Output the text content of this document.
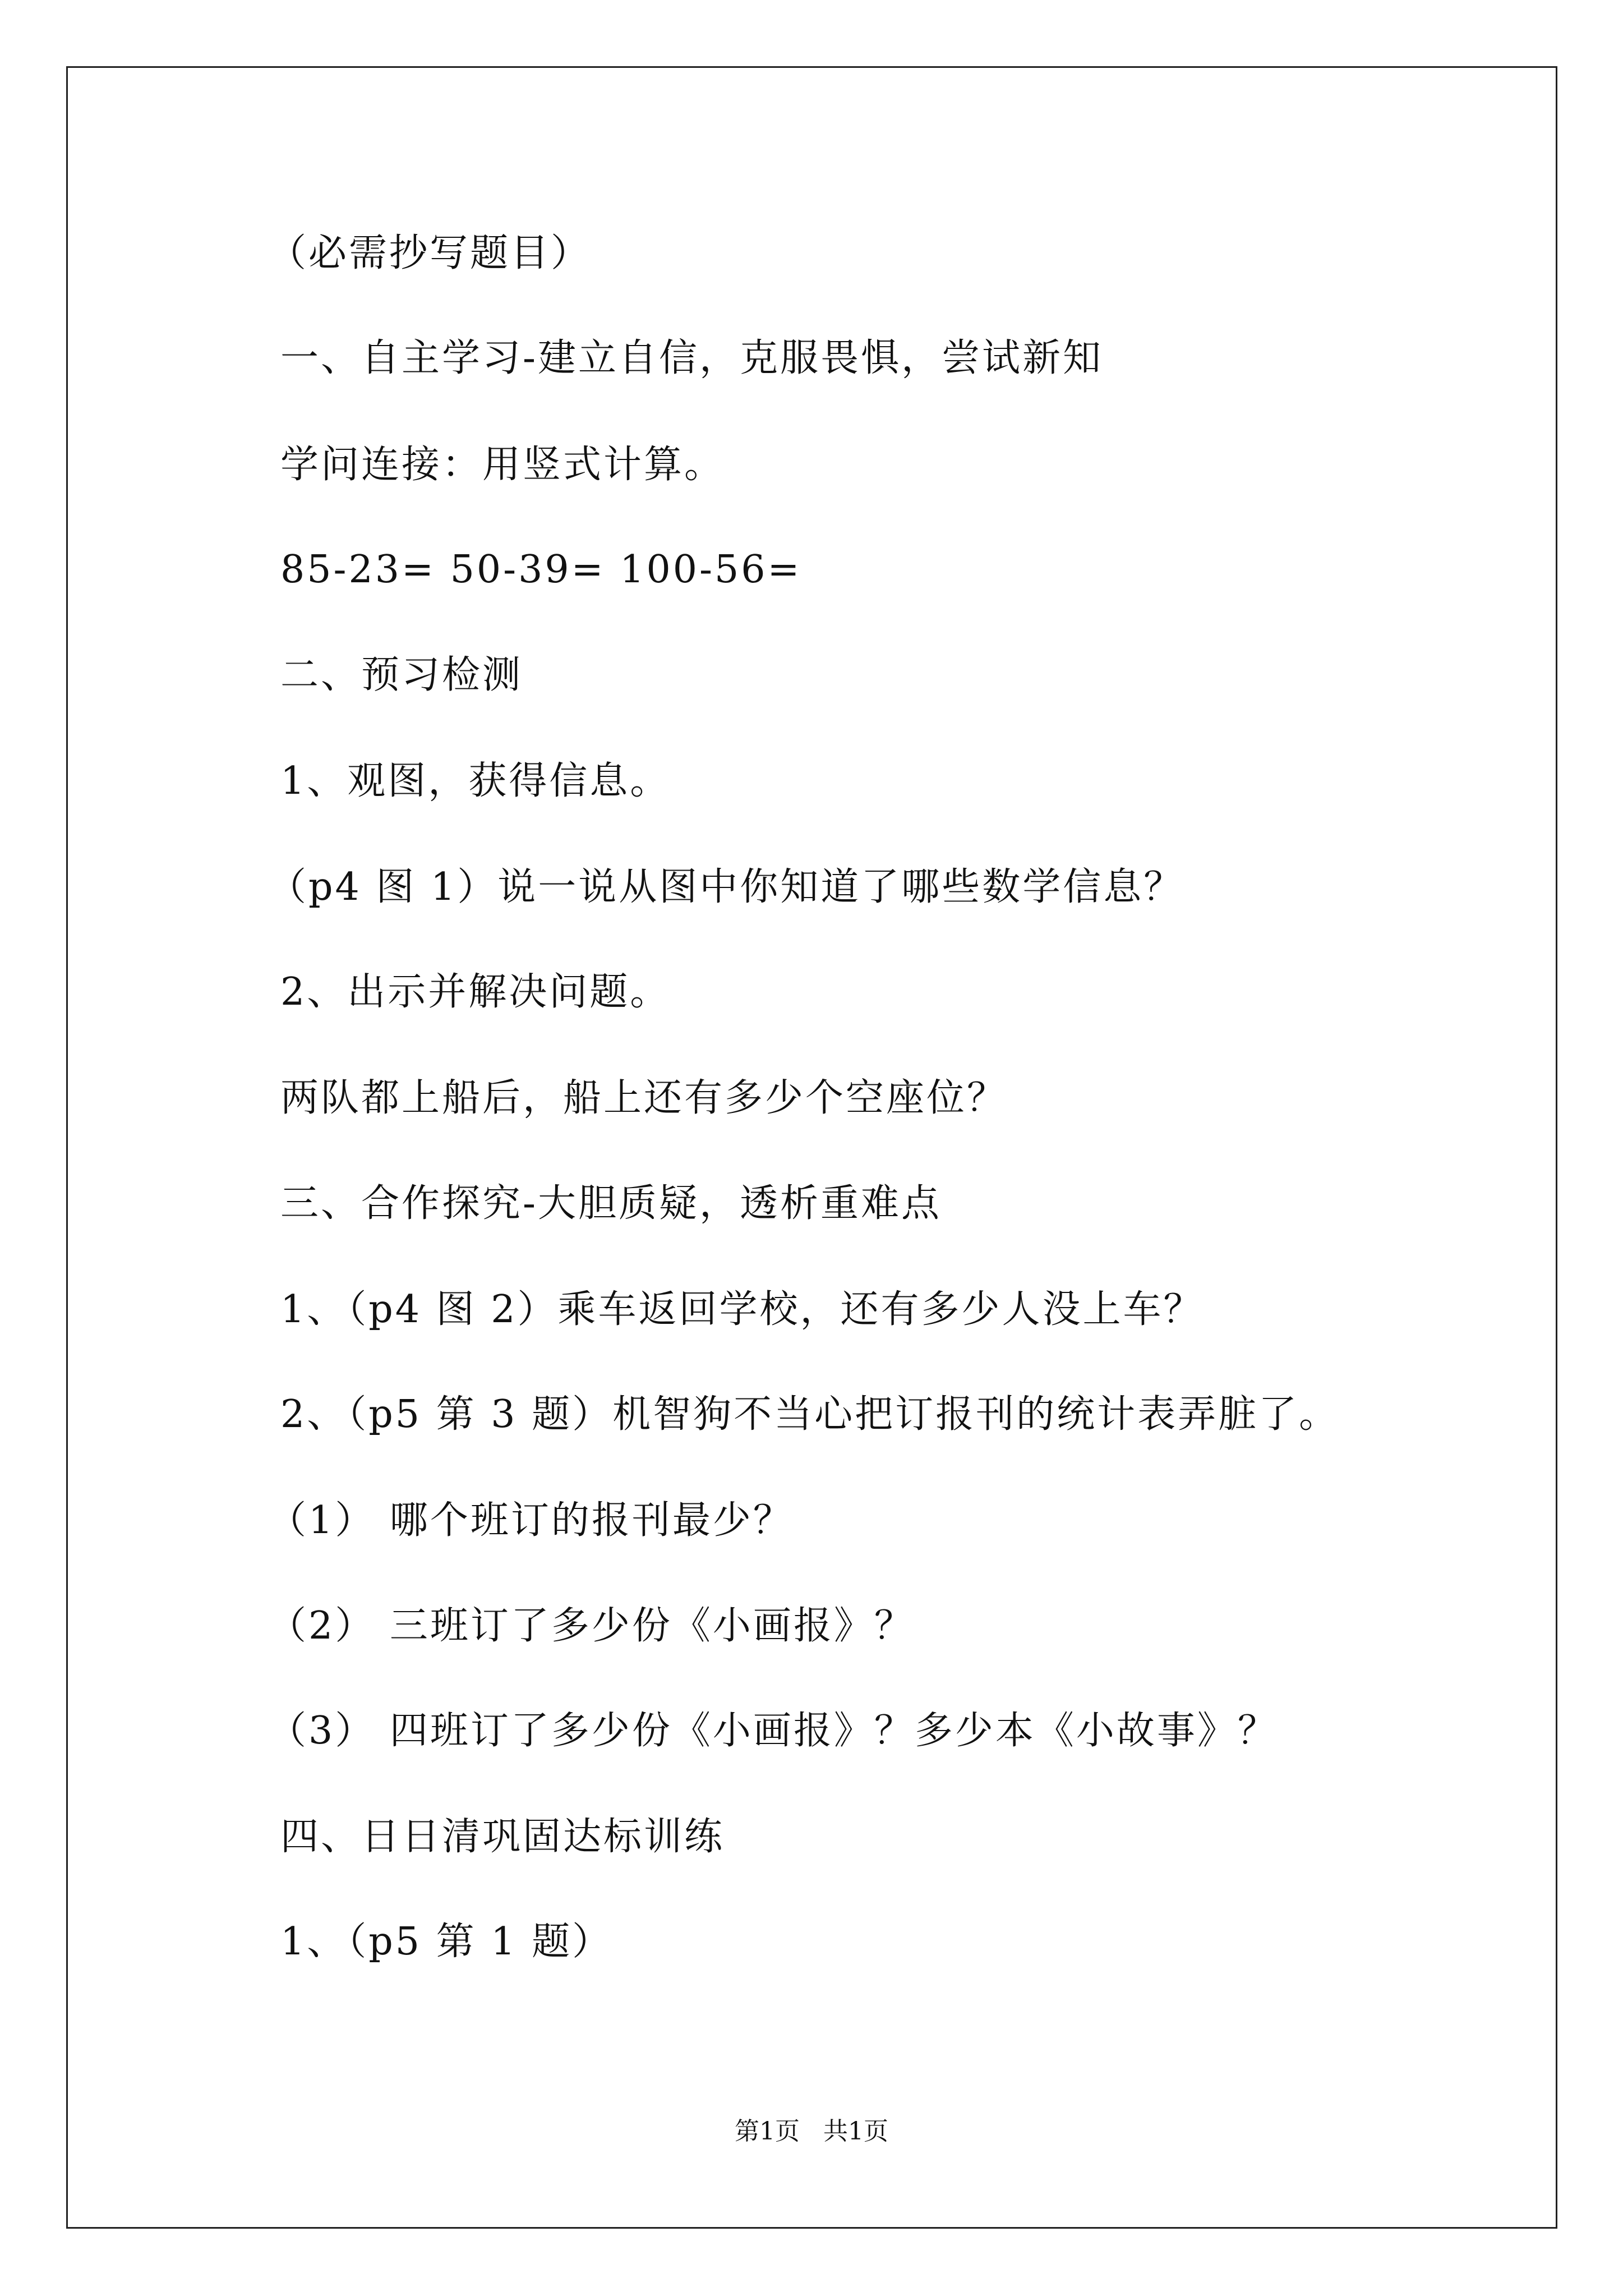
（必需抄写题目）
一、自主学习-建立自信，克服畏惧，尝试新知
学问连接：用竖式计算。
85-23= 50-39= 100-56=
二、预习检测
1、观图，获得信息。
（p4 图 1）说一说从图中你知道了哪些数学信息？
2、出示并解决问题。
两队都上船后，船上还有多少个空座位？
三、合作探究-大胆质疑，透析重难点
1、（p4 图 2）乘车返回学校，还有多少人没上车？
2、（p5 第 3 题）机智狗不当心把订报刊的统计表弄脏了。
（1） 哪个班订的报刊最少？
（2） 三班订了多少份《小画报》？
（3） 四班订了多少份《小画报》？多少本《小故事》？
四、日日清巩固达标训练
1、（p5 第 1 题）
第1页   共1页
